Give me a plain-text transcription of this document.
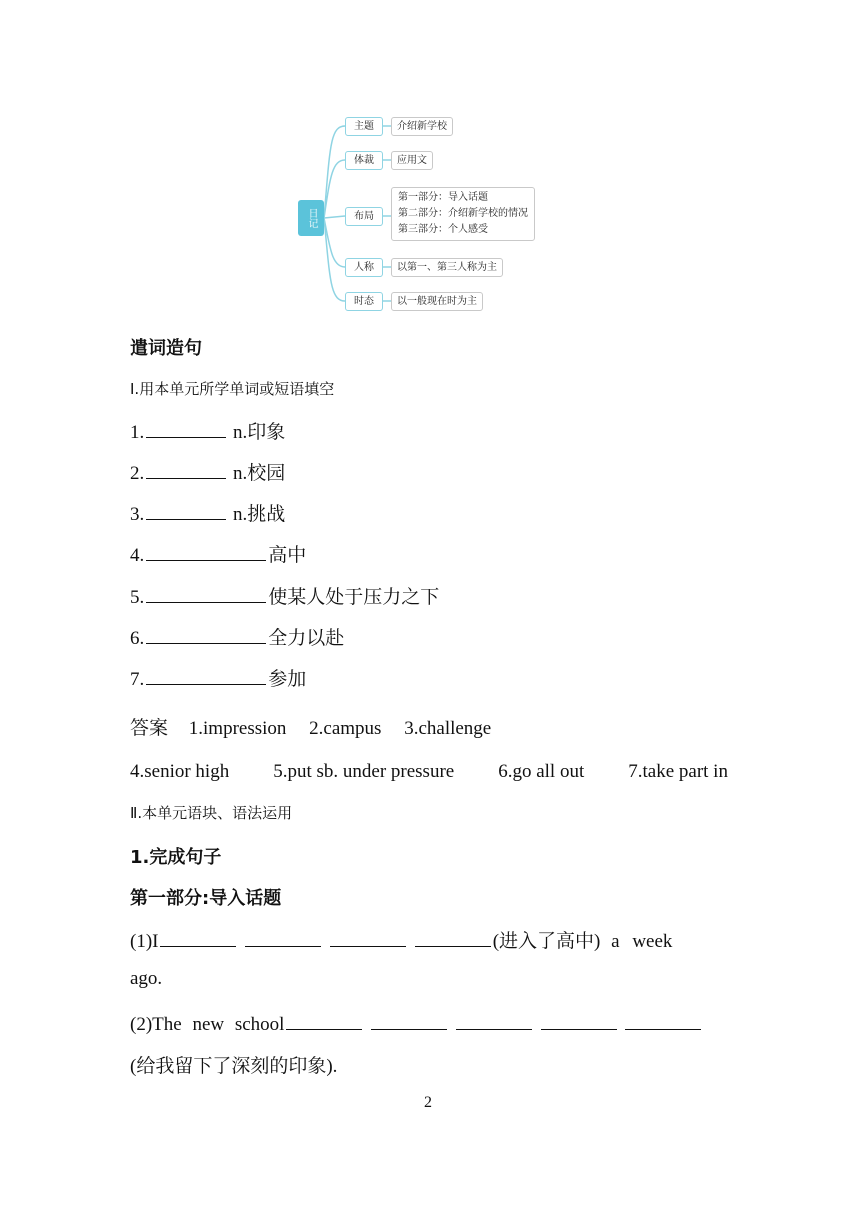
日记
主题	介绍新学校
体裁	应用文
布局
第一部分：导入话题
第二部分：介绍新学校的情况
第三部分：个人感受
人称	以第一、第三人称为主
时态	以一般现在时为主
遣词造句
Ⅰ.用本单元所学单词或短语填空
1.	n.印象
2.	n.校园
3.	n.挑战
4.	高中
5.	使某人处于压力之下
6.	全力以赴
7.	参加
答案 1.impression 2.campus 3.challenge
4.senior high 5.put sb. under pressure 6.go all out 7.take part in
Ⅱ.本单元语块、语法运用
1.完成句子
第一部分:导入话题
(1)I	(进入了高中) a week
ago.
(2)The new school
(给我留下了深刻的印象).
2
